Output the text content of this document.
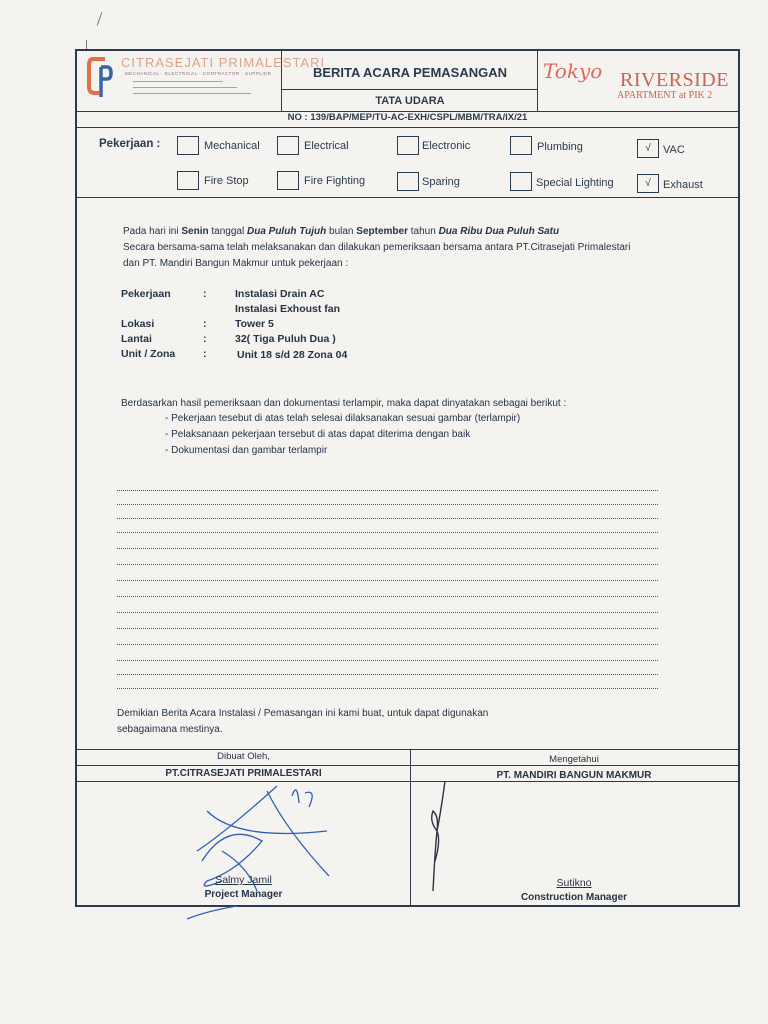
CITRASEJATI PRIMALESTARI
MECHANICAL · ELECTRICAL · CONTRACTOR · SUPPLIER	BERITA ACARA PEMASANGAN
TATA UDARA
Tokyo RIVERSIDE
APARTMENT at PIK 2
NO : 139/BAP/MEP/TU-AC-EXH/CSPL/MBM/TRA/IX/21
Pekerjaan :	Mechanical	Electrical	Electronic	Plumbing	√	VAC
Fire Stop	Fire Fighting	Sparing	Special Lighting	√	Exhaust
Pada hari ini Senin tanggal Dua Puluh Tujuh bulan September tahun Dua Ribu Dua Puluh Satu
Secara bersama-sama telah melaksanakan dan dilakukan pemeriksaan bersama antara PT.Citrasejati Primalestari
dan PT. Mandiri Bangun Makmur untuk pekerjaan :
Pekerjaan	:	Instalasi Drain AC
Instalasi Exhoust fan
Lokasi	:	Tower 5
Lantai	:	32( Tiga Puluh Dua )
Unit / Zona	:	Unit 18 s/d 28 Zona 04
Berdasarkan hasil pemeriksaan dan dokumentasi terlampir, maka dapat dinyatakan sebagai berikut :
- Pekerjaan tesebut di atas telah selesai dilaksanakan sesuai gambar (terlampir)
- Pelaksanaan pekerjaan tersebut di atas dapat diterima dengan baik
- Dokumentasi dan gambar terlampir
Demikian Berita Acara Instalasi / Pemasangan ini kami buat, untuk dapat digunakan
sebagaimana mestinya.
Dibuat Oleh,
PT.CITRASEJATI PRIMALESTARI
Mengetahui
PT. MANDIRI BANGUN MAKMUR
Salmy Jamil
Project Manager
Sutikno
Construction Manager
